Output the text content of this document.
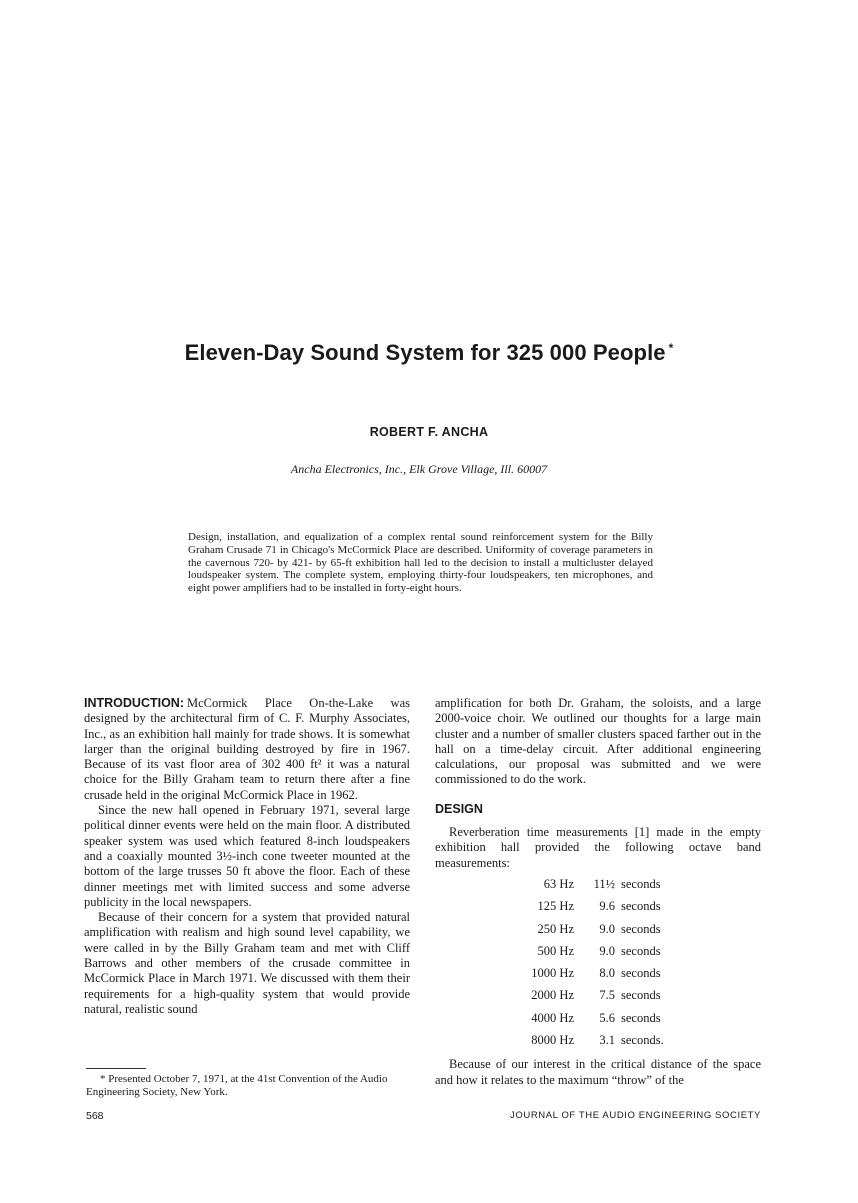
Eleven-Day Sound System for 325 000 People *
ROBERT F. ANCHA
Ancha Electronics, Inc., Elk Grove Village, Ill. 60007
Design, installation, and equalization of a complex rental sound reinforcement system for the Billy Graham Crusade 71 in Chicago's McCormick Place are described. Uniformity of coverage parameters in the cavernous 720- by 421- by 65-ft exhibition hall led to the decision to install a multicluster delayed loudspeaker system. The complete system, employing thirty-four loudspeakers, ten microphones, and eight power amplifiers had to be installed in forty-eight hours.

INTRODUCTION: McCormick Place On-the-Lake was designed by the architectural firm of C. F. Murphy Associates, Inc., as an exhibition hall mainly for trade shows. It is somewhat larger than the original building destroyed by fire in 1967. Because of its vast floor area of 302 400 ft² it was a natural choice for the Billy Graham team to return there after a fine crusade held in the original McCormick Place in 1962.

Since the new hall opened in February 1971, several large political dinner events were held on the main floor. A distributed speaker system was used which featured 8-inch loudspeakers and a coaxially mounted 3½-inch cone tweeter mounted at the bottom of the large trusses 50 ft above the floor. Each of these dinner meetings met with limited success and some adverse publicity in the local newspapers.

Because of their concern for a system that provided natural amplification with realism and high sound level capability, we were called in by the Billy Graham team and met with Cliff Barrows and other members of the crusade committee in McCormick Place in March 1971. We discussed with them their requirements for a high-quality system that would provide natural, realistic sound

amplification for both Dr. Graham, the soloists, and a large 2000-voice choir. We outlined our thoughts for a large main cluster and a number of smaller clusters spaced farther out in the hall on a time-delay circuit. After additional engineering calculations, our proposal was submitted and we were commissioned to do the work.

DESIGN

Reverberation time measurements [1] made in the empty exhibition hall provided the following octave band measurements:

63 Hz	11½	seconds
125 Hz	9.6	seconds
250 Hz	9.0	seconds
500 Hz	9.0	seconds
1000 Hz	8.0	seconds
2000 Hz	7.5	seconds
4000 Hz	5.6	seconds
8000 Hz	3.1	seconds.

Because of our interest in the critical distance of the space and how it relates to the maximum “throw” of the

* Presented October 7, 1971, at the 41st Convention of the Audio Engineering Society, New York.
568	JOURNAL OF THE AUDIO ENGINEERING SOCIETY
